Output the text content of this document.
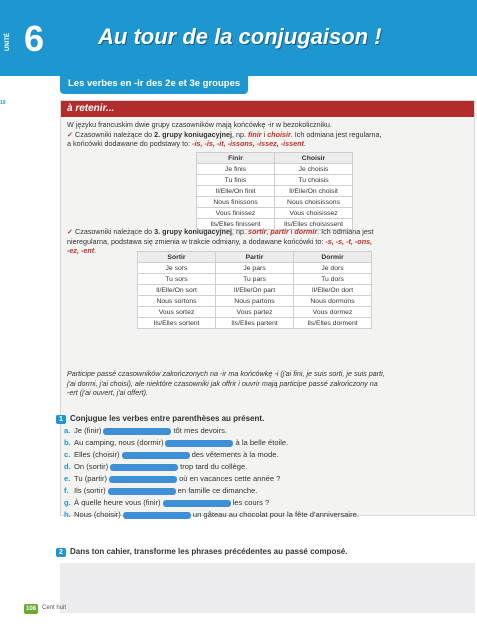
UNITÉ 6 Au tour de la conjugaison !
Les verbes en -ir des 2e et 3e groupes
19	à retenir...
W języku francuskim dwie grupy czasowników mają końcówkę -ir w bezokoliczniku.
✓ Czasowniki należące do 2. grupy koniugacyjnej, np. finir i choisir. Ich odmiana jest regularna,
a końcówki dodawane do podstawy to: -is, -is, -it, -issons, -issez, -issent.
Finir	Choisir
Je finis	Je choisis
Tu finis	Tu choisis
Il/Elle/On finit	Il/Elle/On choisit
Nous finissons	Nous choisissons
Vous finissez	Vous choisissez
Ils/Elles finissent	Ils/Elles choisissent
✓ Czasowniki należące do 3. grupy koniugacyjnej, np. sortir, partir i dormir. Ich odmiana jest
nieregularna, podstawa się zmienia w trakcie odmiany, a dodawane końcówki to: -s, -s, -t, -ons,
-ez, -ent.
Sortir	Partir	Dormir
Je sors	Je pars	Je dors
Tu sors	Tu pars	Tu dors
Il/Elle/On sort	Il/Elle/On part	Il/Elle/On dort
Nous sortons	Nous partons	Nous dormons
Vous sortez	Vous partez	Vous dormez
Ils/Elles sortent	Ils/Elles partent	Ils/Elles dorment
Participe passé czasowników zakończonych na -ir ma końcówkę -i (j'ai fini, je suis sorti, je suis parti,
j'ai dormi, j'ai choisi), ale niektóre czasowniki jak offrir i ouvrir mają participe passé zakończony na
-ert (j'ai ouvert, j'ai offert).
1 Conjugue les verbes entre parenthèses au présent.
a. Je (finir)	tôt mes devoirs.
b. Au camping, nous (dormir)	à la belle étoile.
c. Elles (choisir)	des vêtements à la mode.
d. On (sortir)	trop tard du collège.
e. Tu (partir)	où en vacances cette année ?
f. Ils (sortir)	en famille ce dimanche.
g. À quelle heure vous (finir)	les cours ?
h. Nous (choisir)	un gâteau au chocolat pour la fête d'anniversaire.
2 Dans ton cahier, transforme les phrases précédentes au passé composé.
108	Cent huit
